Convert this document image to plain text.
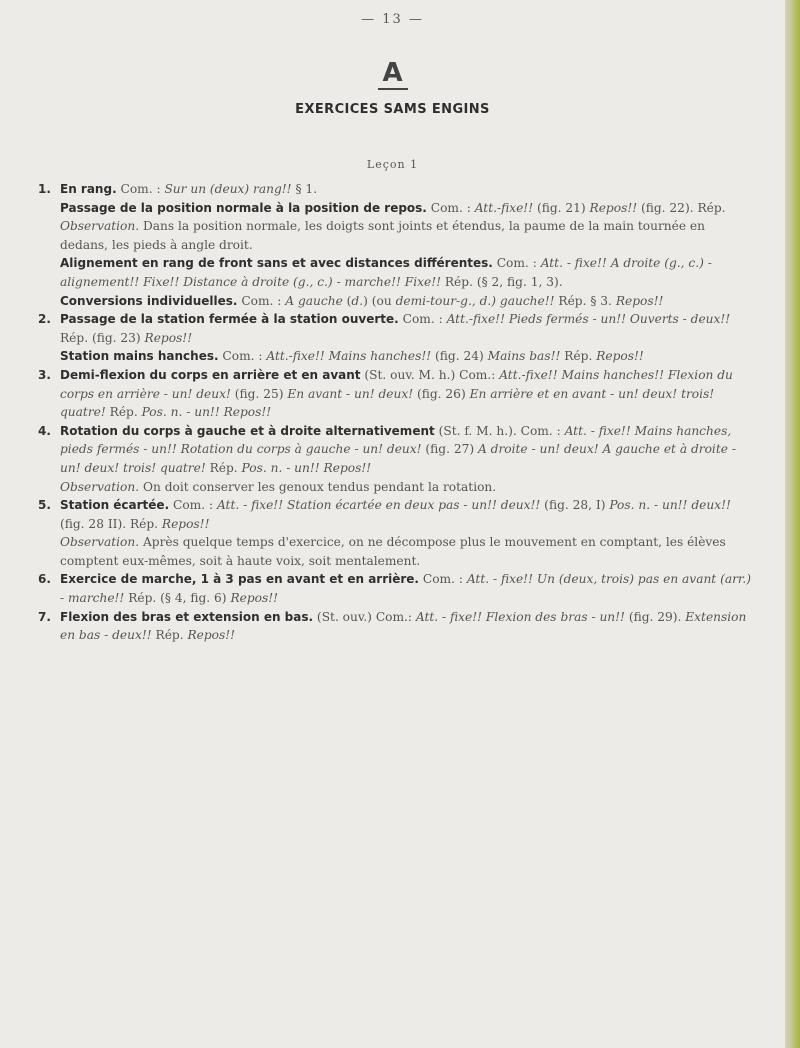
— 13 —
A
EXERCICES SAMS ENGINS
Leçon 1

1. En rang. Com. : Sur un (deux) rang!! § 1.

Passage de la position normale à la position de repos. Com. : Att.-fixe!! (fig. 21) Repos!! (fig. 22). Rép.

Observation. Dans la position normale, les doigts sont joints et étendus, la paume de la main tournée en dedans, les pieds à angle droit.

Alignement en rang de front sans et avec distances différentes. Com. : Att. - fixe!! A droite (g., c.) - alignement!! Fixe!! Distance à droite (g., c.) - marche!! Fixe!! Rép. (§ 2, fig. 1, 3).

Conversions individuelles. Com. : A gauche (d.) (ou demi-tour-g., d.) gauche!! Rép. § 3. Repos!!

2. Passage de la station fermée à la station ouverte. Com. : Att.-fixe!! Pieds fermés - un!! Ouverts - deux!! Rép. (fig. 23) Repos!!

Station mains hanches. Com. : Att.-fixe!! Mains hanches!! (fig. 24) Mains bas!! Rép. Repos!!

3. Demi-flexion du corps en arrière et en avant (St. ouv. M. h.) Com.: Att.-fixe!! Mains hanches!! Flexion du corps en arrière - un! deux! (fig. 25) En avant - un! deux! (fig. 26) En arrière et en avant - un! deux! trois! quatre! Rép. Pos. n. - un!! Repos!!

4. Rotation du corps à gauche et à droite alternativement (St. f. M. h.). Com. : Att. - fixe!! Mains hanches, pieds fermés - un!! Rotation du corps à gauche - un! deux! (fig. 27) A droite - un! deux! A gauche et à droite - un! deux! trois! quatre! Rép. Pos. n. - un!! Repos!!

Observation. On doit conserver les genoux tendus pendant la rotation.

5. Station écartée. Com. : Att. - fixe!! Station écartée en deux pas - un!! deux!! (fig. 28, I) Pos. n. - un!! deux!! (fig. 28 II). Rép. Repos!!

Observation. Après quelque temps d'exercice, on ne décompose plus le mouvement en comptant, les élèves comptent eux-mêmes, soit à haute voix, soit mentalement.

6. Exercice de marche, 1 à 3 pas en avant et en arrière. Com. : Att. - fixe!! Un (deux, trois) pas en avant (arr.) - marche!! Rép. (§ 4, fig. 6) Repos!!

7. Flexion des bras et extension en bas. (St. ouv.) Com.: Att. - fixe!! Flexion des bras - un!! (fig. 29). Extension en bas - deux!! Rép. Repos!!
